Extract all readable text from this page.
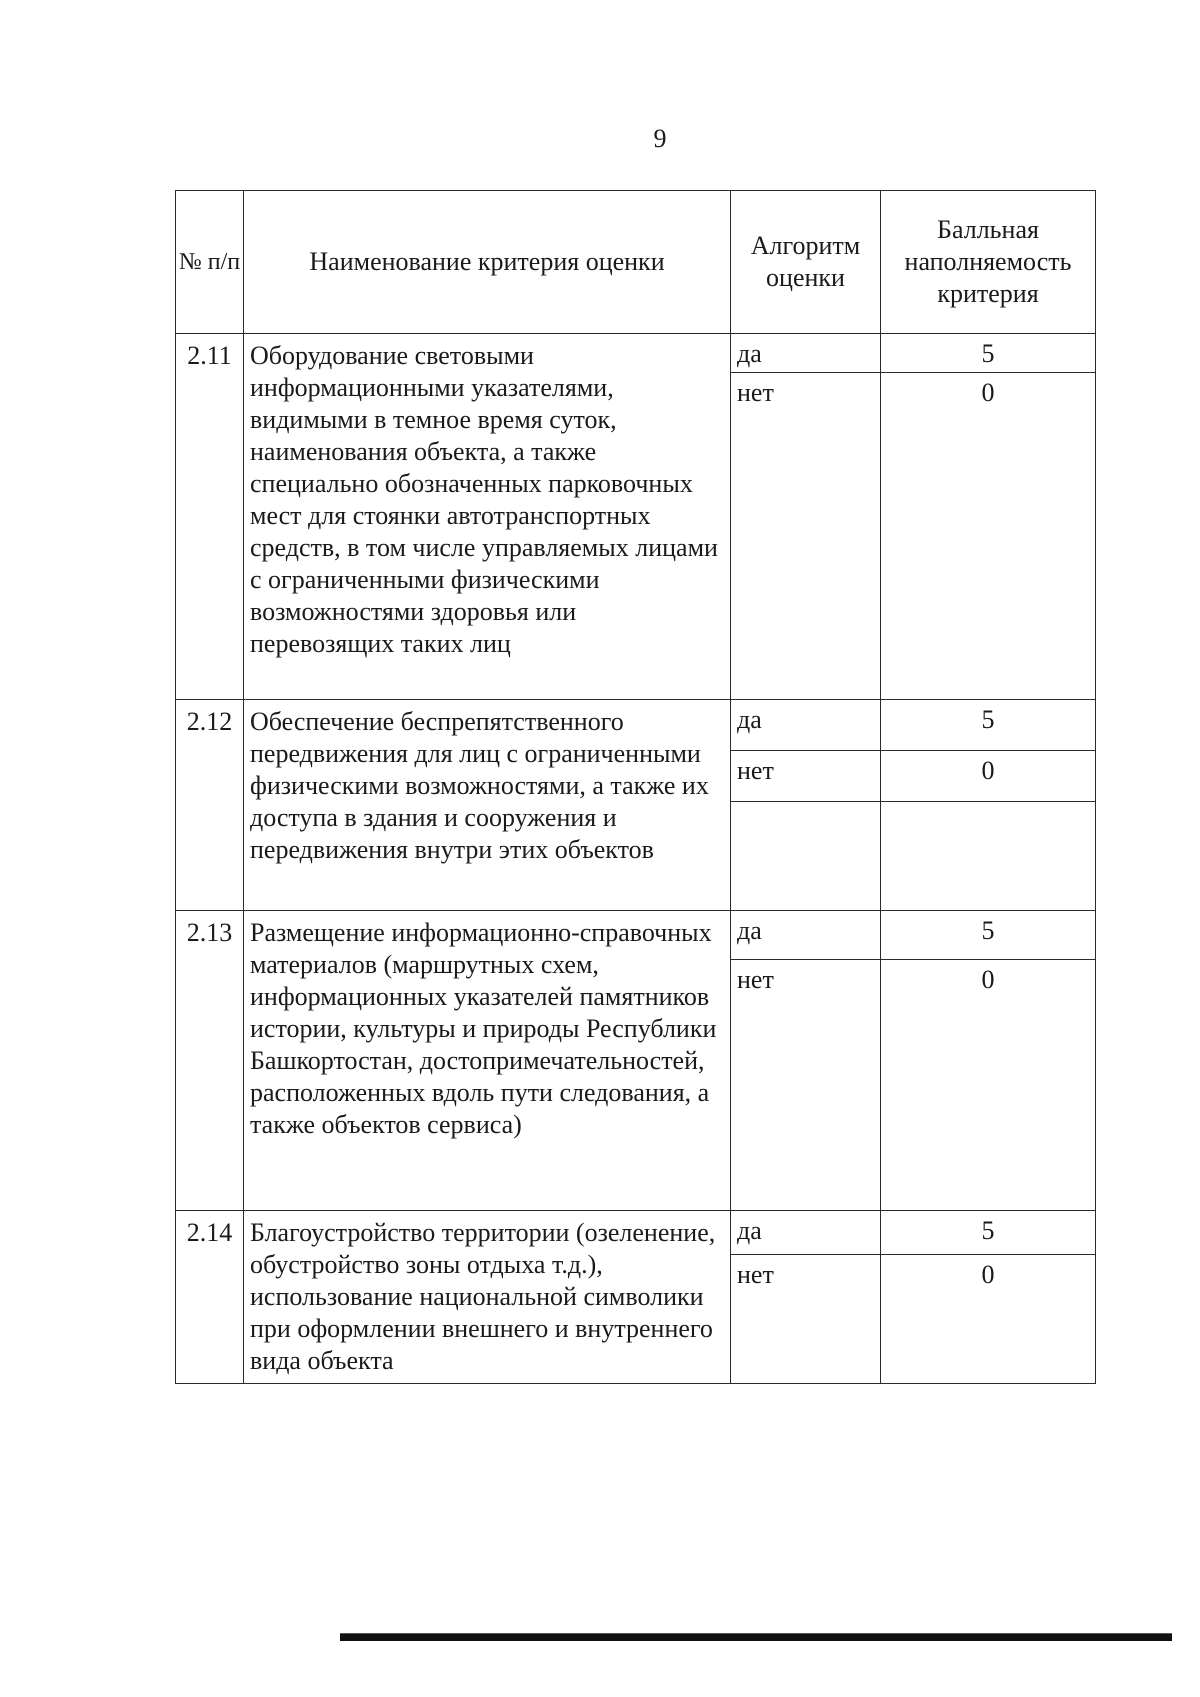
9
№ п/п	Наименование критерия оценки	Алгоритм оценки	Балльная наполняемость критерия
2.11	Оборудование световыми информационными указателями, видимыми в темное время суток, наименования объекта, а также специально обозначенных парковочных мест для стоянки автотранспортных средств, в том числе управляемых лицами с ограниченными физическими возможностями здоровья или перевозящих таких лиц	да	5
		нет	0
2.12	Обеспечение беспрепятственного передвижения для лиц с ограниченными физическими возможностями, а также их доступа в здания и сооружения и передвижения внутри этих объектов	да	5
		нет	0

2.13	Размещение информационно-справочных материалов (маршрутных схем, информационных указателей памятников истории, культуры и природы Республики Башкортостан, достопримечательностей, расположенных вдоль пути следования, а также объектов сервиса)	да	5
		нет	0
2.14	Благоустройство территории (озеленение, обустройство зоны отдыха т.д.), использование национальной символики при оформлении внешнего и внутреннего вида объекта	да	5
		нет	0
